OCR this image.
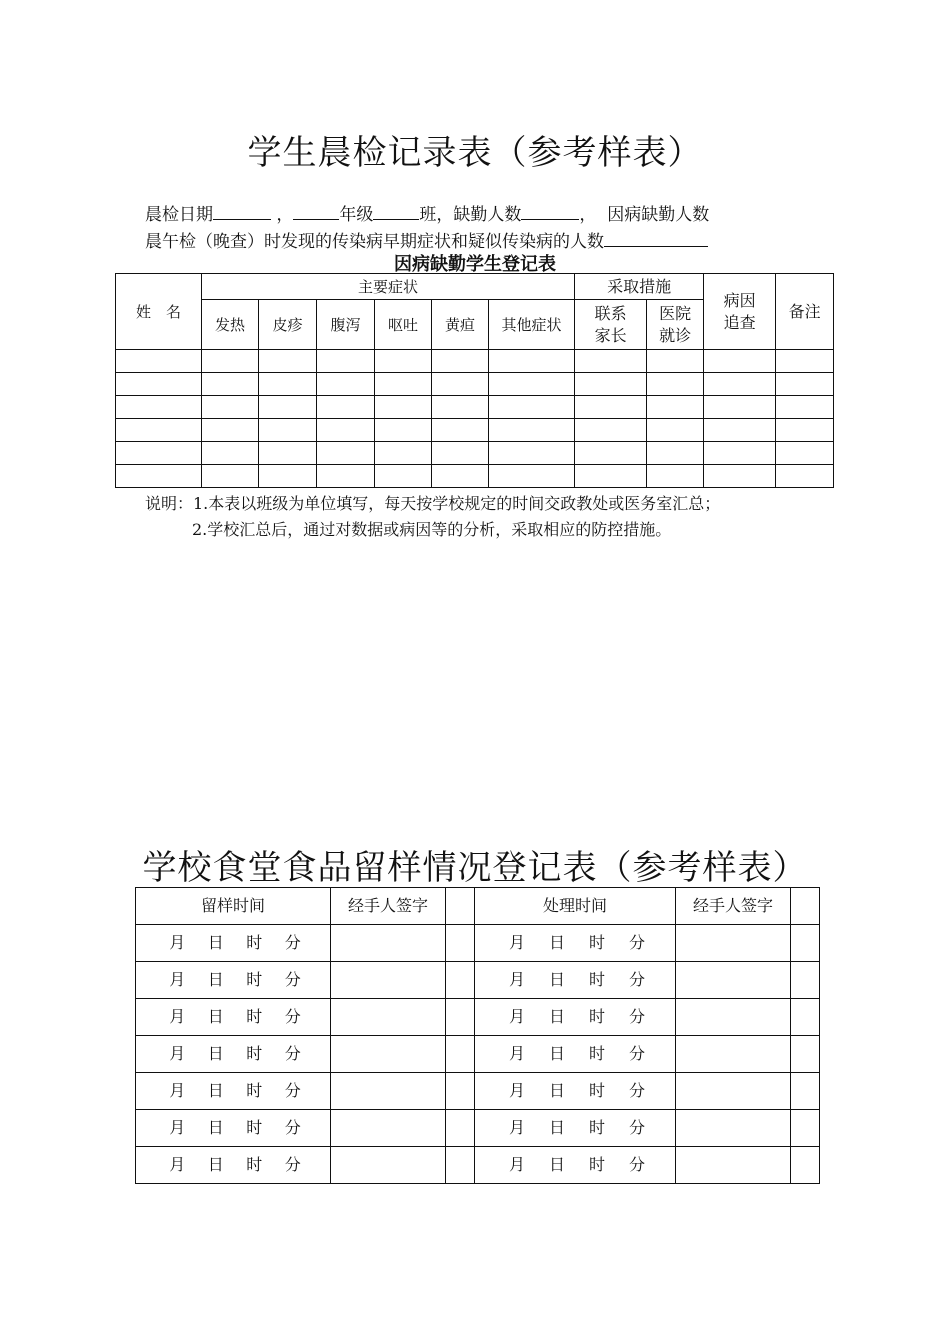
学生晨检记录表（参考样表）
晨检日期	，	年级	班，缺勤人数	， 因病缺勤人数
晨午检（晚查）时发现的传染病早期症状和疑似传染病的人数
因病缺勤学生登记表
姓　名	主要症状						采取措施		病因追查	备注
	发热	皮疹	腹泻	呕吐	黄疸	其他症状	联系家长	医院就诊		

说明：1.本表以班级为单位填写，每天按学校规定的时间交政教处或医务室汇总；
2.学校汇总后，通过对数据或病因等的分析，采取相应的防控措施。
学校食堂食品留样情况登记表（参考样表）
留样时间	经手人签字		处理时间	经手人签字	

月 日 时 分			月 日 时 分		

月 日 时 分			月 日 时 分		

月 日 时 分			月 日 时 分		

月 日 时 分			月 日 时 分		

月 日 时 分			月 日 时 分		

月 日 时 分			月 日 时 分		

月 日 时 分			月 日 时 分		
